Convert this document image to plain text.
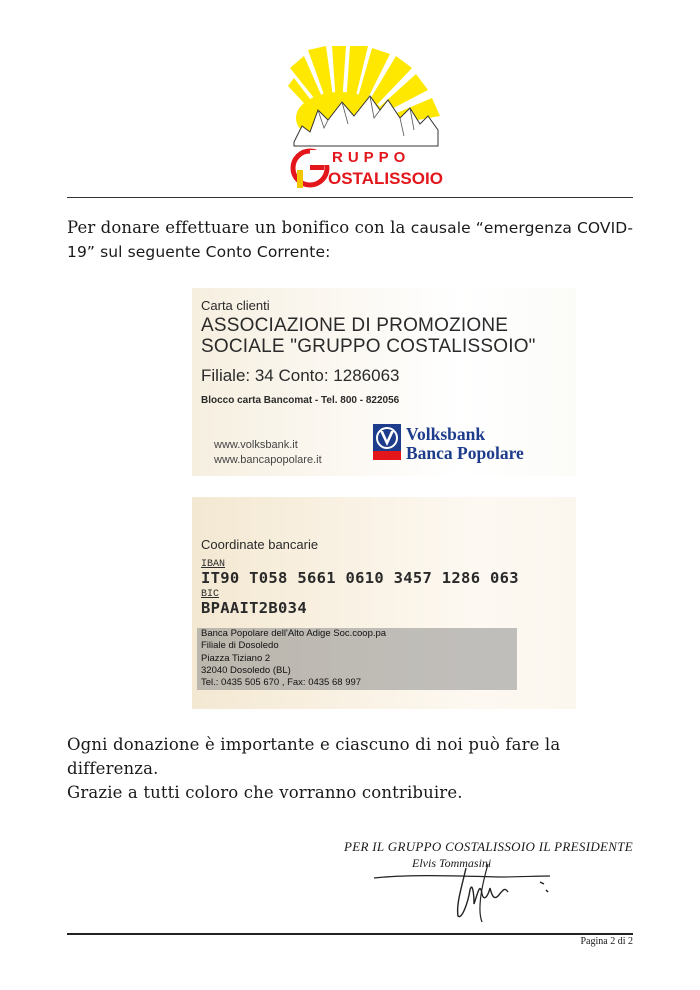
RUPPO
OSTALISSOIO
Per donare effettuare un bonifico con la causale “emergenza COVID-19” sul seguente Conto Corrente:
Carta clienti
ASSOCIAZIONE DI PROMOZIONE
SOCIALE "GRUPPO COSTALISSOIO"
Filiale: 34 Conto: 1286063
Blocco carta Bancomat - Tel. 800 - 822056
www.volksbank.it
www.bancapopolare.it
Volksbank
Banca Popolare
Coordinate bancarie
IBAN
IT90 T058 5661 0610 3457 1286 063
BIC
BPAAIT2B034
Banca Popolare dell'Alto Adige Soc.coop.pa
Filiale di Dosoledo
Piazza Tiziano 2
32040 Dosoledo (BL)
Tel.: 0435 505 670 , Fax: 0435 68 997
Ogni donazione è importante e ciascuno di noi può fare la differenza.
Grazie a tutti coloro che vorranno contribuire.
PER IL GRUPPO COSTALISSOIO IL PRESIDENTE
Elvis Tommasini
Pagina 2 di 2
